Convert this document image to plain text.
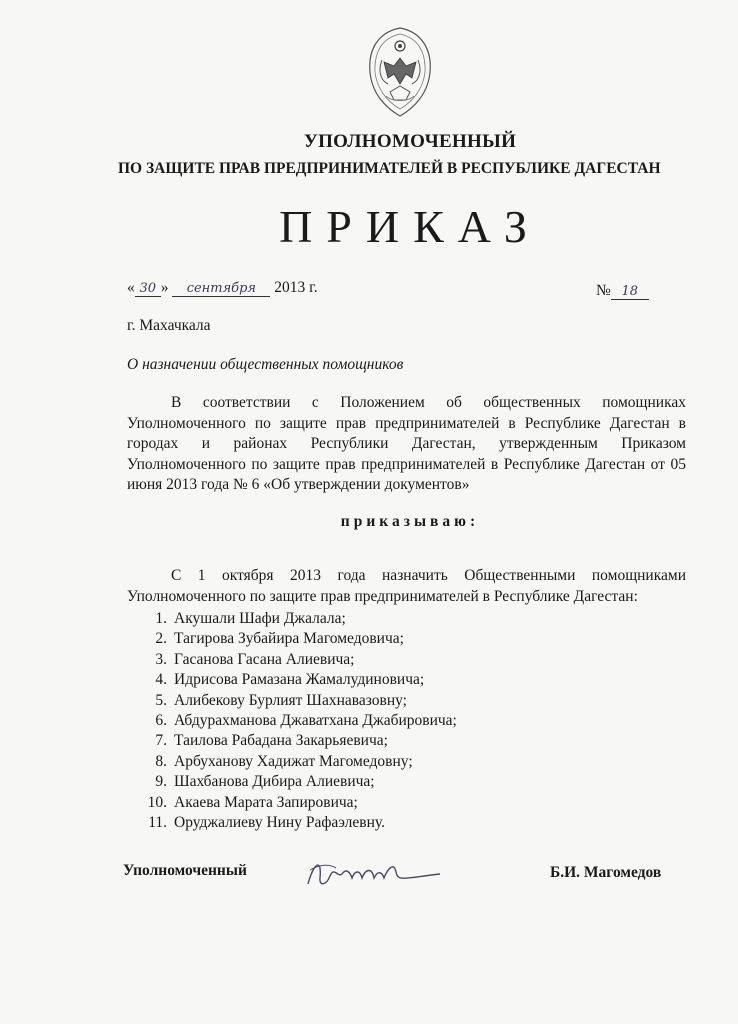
УПОЛНОМОЧЕННЫЙ
ПО ЗАЩИТЕ ПРАВ ПРЕДПРИНИМАТЕЛЕЙ В РЕСПУБЛИКЕ ДАГЕСТАН
ПРИКАЗ
« 30 » сентября 2013 г.	№ 18
г. Махачкала
О назначении общественных помощников
В соответствии с Положением об общественных помощниках Уполномоченного по защите прав предпринимателей в Республике Дагестан в городах и районах Республики Дагестан, утвержденным Приказом Уполномоченного по защите прав предпринимателей в Республике Дагестан от 05 июня 2013 года № 6 «Об утверждении документов»
приказываю:
С 1 октября 2013 года назначить Общественными помощниками Уполномоченного по защите прав предпринимателей в Республике Дагестан:
1. Акушали Шафи Джалала;
2. Тагирова Зубайира Магомедовича;
3. Гасанова Гасана Алиевича;
4. Идрисова Рамазана Жамалудиновича;
5. Алибекову Бурлият Шахнавазовну;
6. Абдурахманова Джаватхана Джабировича;
7. Таилова Рабадана Закарьяевича;
8. Арбуханову Хадижат Магомедовну;
9. Шахбанова Дибира Алиевича;
10. Акаева Марата Запировича;
11. Оруджалиеву Нину Рафаэлевну.
Уполномоченный	Б.И. Магомедов
